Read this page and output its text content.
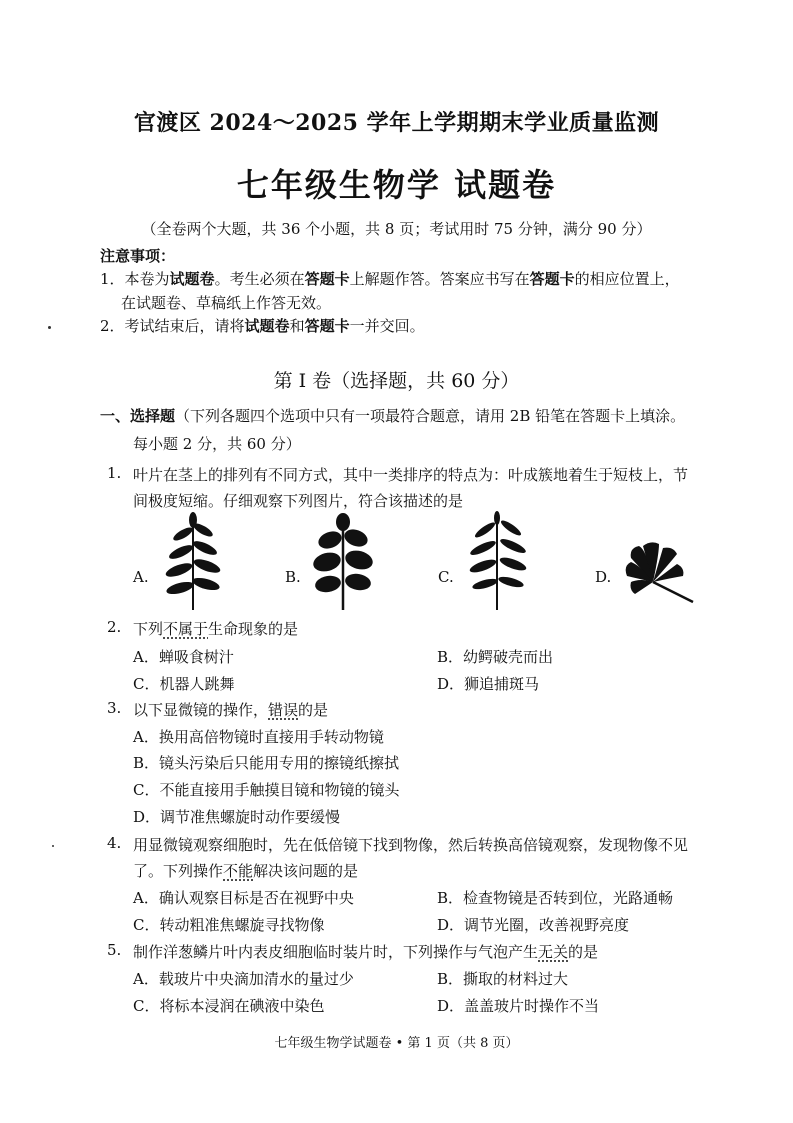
官渡区 2024～2025 学年上学期期末学业质量监测
七年级生物学 试题卷
（全卷两个大题，共 36 个小题，共 8 页；考试用时 75 分钟，满分 90 分）
注意事项：
1．本卷为试题卷。考生必须在答题卡上解题作答。答案应书写在答题卡的相应位置上，
在试题卷、草稿纸上作答无效。
2．考试结束后，请将试题卷和答题卡一并交回。
第 I 卷（选择题，共 60 分）
一、选择题（下列各题四个选项中只有一项最符合题意，请用 2B 铅笔在答题卡上填涂。
每小题 2 分，共 60 分）
1. 叶片在茎上的排列有不同方式，其中一类排序的特点为：叶成簇地着生于短枝上，节
间极度短缩。仔细观察下列图片，符合该描述的是
A.	B.	C.	D.
2. 下列不属于生命现象的是
A．蝉吸食树汁	B．幼鳄破壳而出
C．机器人跳舞	D．狮追捕斑马
3. 以下显微镜的操作，错误的是
A．换用高倍物镜时直接用手转动物镜
B．镜头污染后只能用专用的擦镜纸擦拭
C．不能直接用手触摸目镜和物镜的镜头
D．调节准焦螺旋时动作要缓慢
4. 用显微镜观察细胞时，先在低倍镜下找到物像，然后转换高倍镜观察，发现物像不见
了。下列操作不能解决该问题的是
A．确认观察目标是否在视野中央	B．检查物镜是否转到位，光路通畅
C．转动粗准焦螺旋寻找物像	D．调节光圈，改善视野亮度
5. 制作洋葱鳞片叶内表皮细胞临时装片时，下列操作与气泡产生无关的是
A．载玻片中央滴加清水的量过少	B．撕取的材料过大
C．将标本浸润在碘液中染色	D．盖盖玻片时操作不当
七年级生物学试题卷 • 第 1 页（共 8 页）
